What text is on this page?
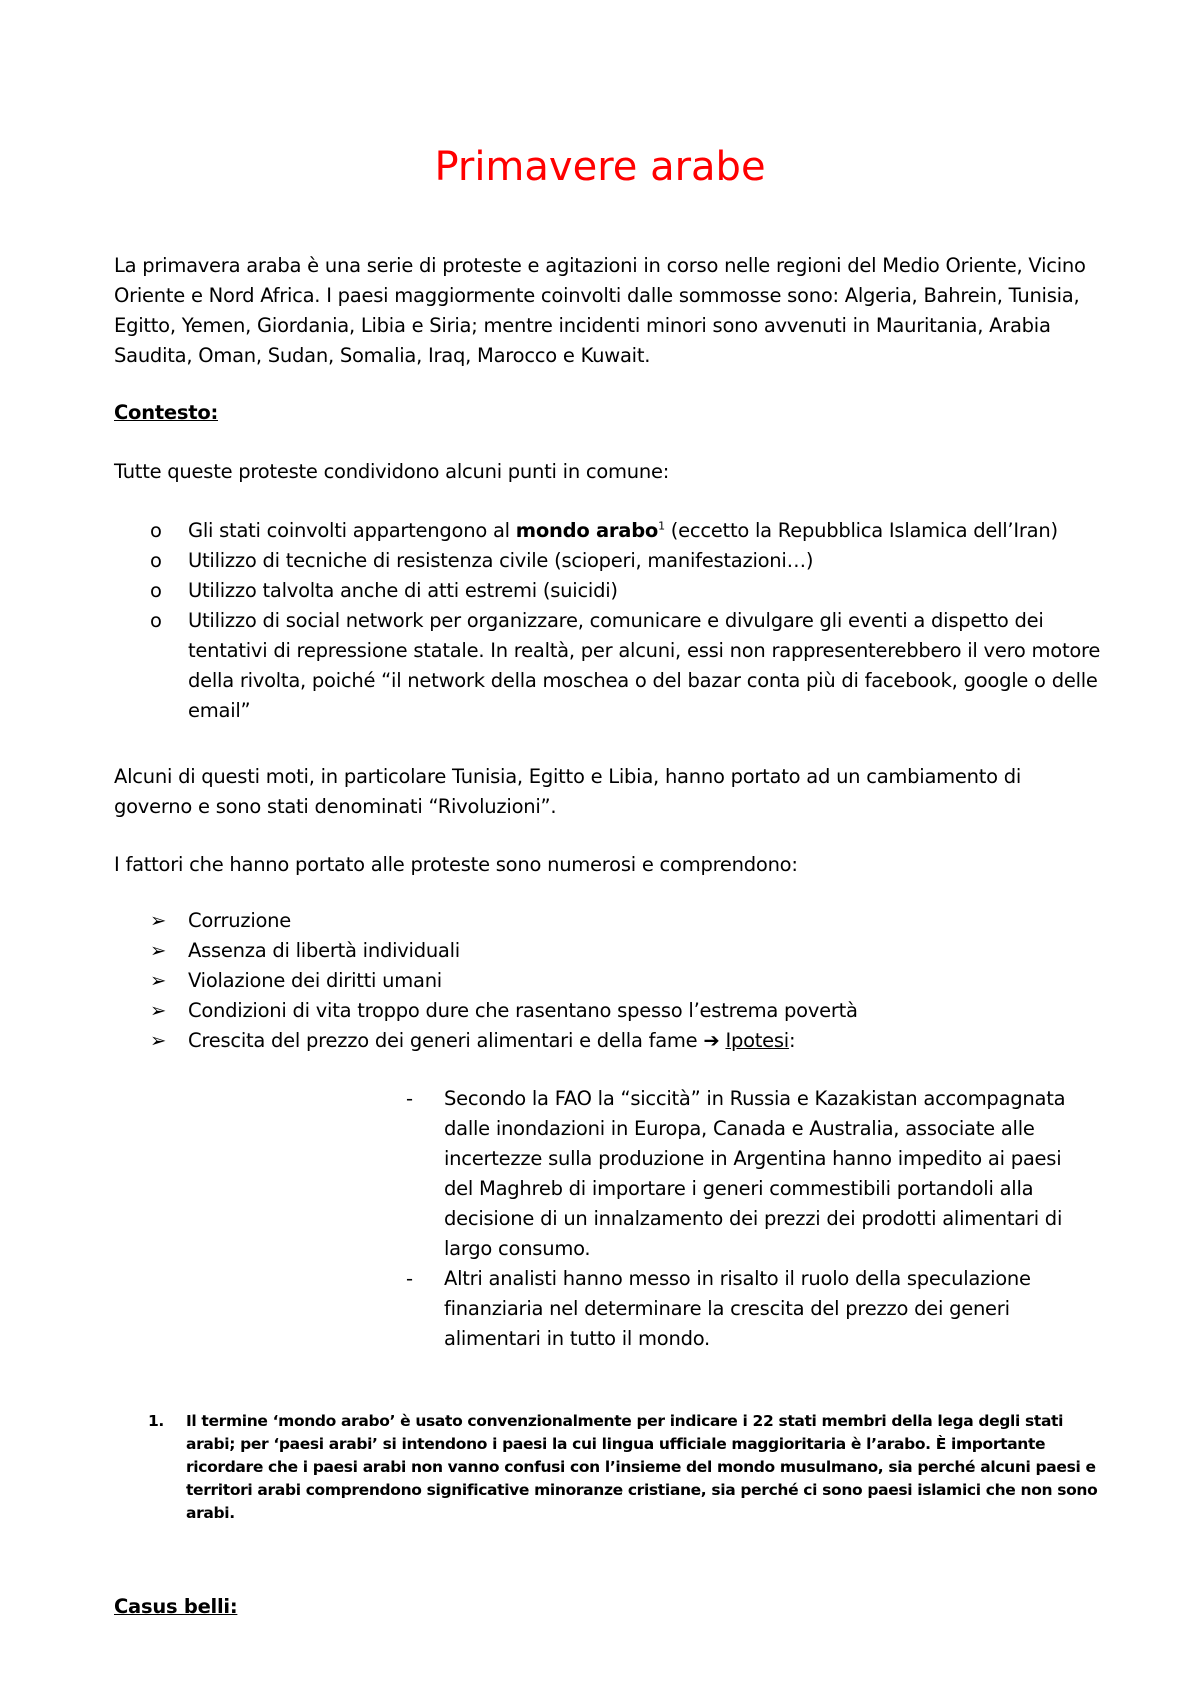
Primavere arabe

La primavera araba è una serie di proteste e agitazioni in corso nelle regioni del Medio Oriente, Vicino Oriente e Nord Africa. I paesi maggiormente coinvolti dalle sommosse sono: Algeria, Bahrein, Tunisia, Egitto, Yemen, Giordania, Libia e Siria; mentre incidenti minori sono avvenuti in Mauritania, Arabia Saudita, Oman, Sudan, Somalia, Iraq, Marocco e Kuwait.

Contesto:

Tutte queste proteste condividono alcuni punti in comune:

o	Gli stati coinvolti appartengono al mondo arabo$^1$ (eccetto la Repubblica Islamica dell’Iran)
o	Utilizzo di tecniche di resistenza civile (scioperi, manifestazioni…)
o	Utilizzo talvolta anche di atti estremi (suicidi)
o	Utilizzo di social network per organizzare, comunicare e divulgare gli eventi a dispetto dei tentativi di repressione statale. In realtà, per alcuni, essi non rappresenterebbero il vero motore della rivolta, poiché “il network della moschea o del bazar conta più di facebook, google o delle email”

Alcuni di questi moti, in particolare Tunisia, Egitto e Libia, hanno portato ad un cambiamento di governo e sono stati denominati “Rivoluzioni”.

I fattori che hanno portato alle proteste sono numerosi e comprendono:

➢	Corruzione
➢	Assenza di libertà individuali
➢	Violazione dei diritti umani
➢	Condizioni di vita troppo dure che rasentano spesso l’estrema povertà
➢	Crescita del prezzo dei generi alimentari e della fame ➔ Ipotesi:
- Secondo la FAO la “siccità” in Russia e Kazakistan accompagnata dalle inondazioni in Europa, Canada e Australia, associate alle incertezze sulla produzione in Argentina hanno impedito ai paesi del Maghreb di importare i generi commestibili portandoli alla decisione di un innalzamento dei prezzi dei prodotti alimentari di largo consumo.
- Altri analisti hanno messo in risalto il ruolo della speculazione finanziaria nel determinare la crescita del prezzo dei generi alimentari in tutto il mondo.
1.	Il termine ‘mondo arabo’ è usato convenzionalmente per indicare i 22 stati membri della lega degli stati arabi; per ‘paesi arabi’ si intendono i paesi la cui lingua ufficiale maggioritaria è l’arabo. È importante ricordare che i paesi arabi non vanno confusi con l’insieme del mondo musulmano, sia perché alcuni paesi e territori arabi comprendono significative minoranze cristiane, sia perché ci sono paesi islamici che non sono arabi.

Casus belli:
